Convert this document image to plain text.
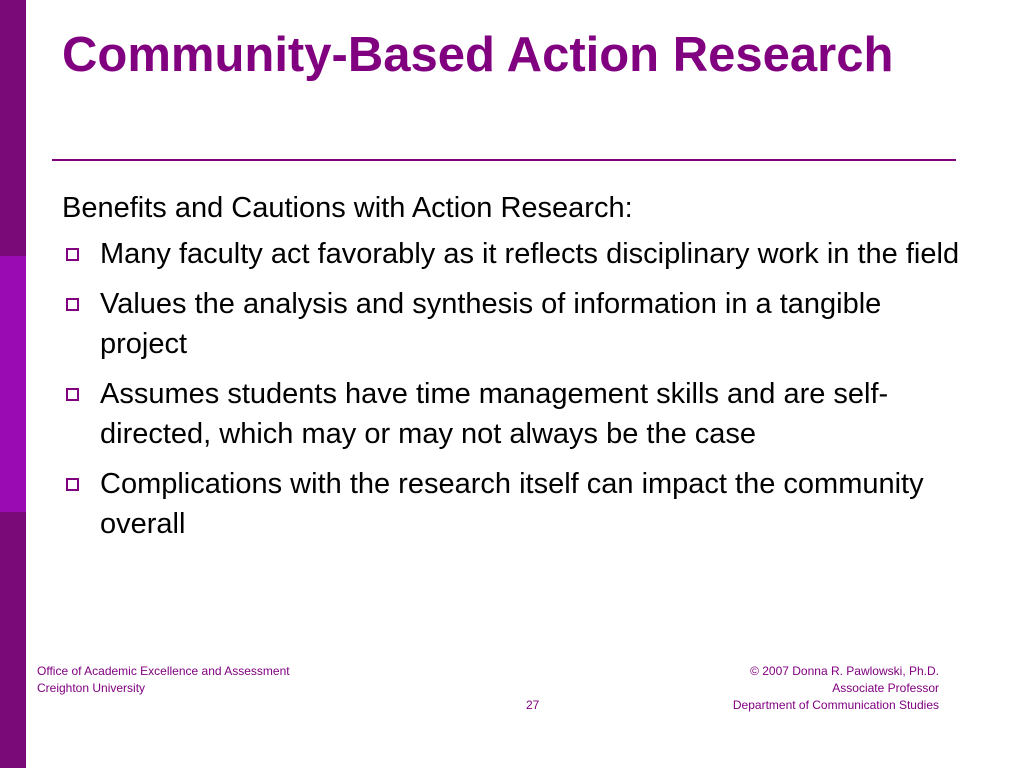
Community-Based Action Research

Benefits and Cautions with Action Research:

Many faculty act favorably as it reflects disciplinary work in the field
Values the analysis and synthesis of information in a tangible project
Assumes students have time management skills and are self-directed, which may or may not always be the case
Complications with the research itself can impact the community overall
Office of Academic Excellence and Assessment
Creighton University
27
© 2007 Donna R. Pawlowski, Ph.D.
Associate Professor
Department of Communication Studies
